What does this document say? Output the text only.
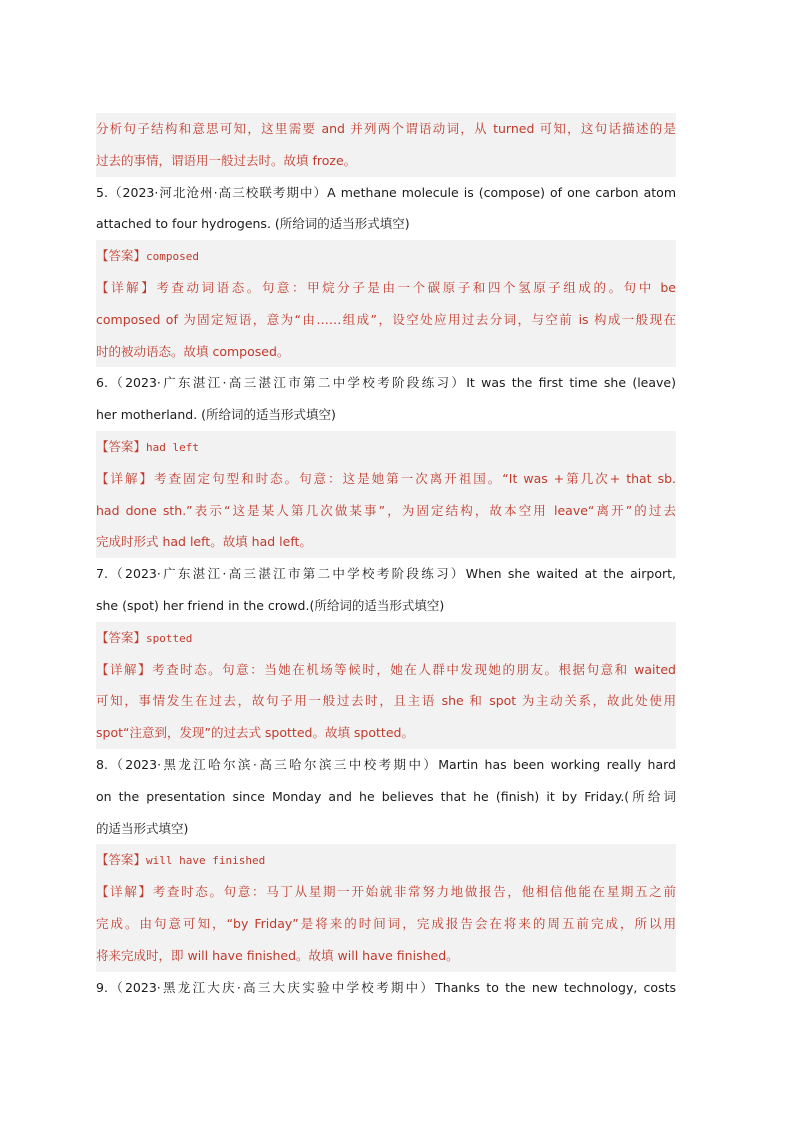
分析句子结构和意思可知，这里需要 and 并列两个谓语动词，从 turned 可知，这句话描述的是
过去的事情，谓语用一般过去时。故填 froze。
5.（2023·河北沧州·高三校联考期中）A methane molecule is (compose) of one carbon atom
attached to four hydrogens. (所给词的适当形式填空)
【答案】composed
【详解】考查动词语态。句意：甲烷分子是由一个碳原子和四个氢原子组成的。句中 be
composed of 为固定短语，意为“由……组成”，设空处应用过去分词，与空前 is 构成一般现在
时的被动语态。故填 composed。
6.（2023·广东湛江·高三湛江市第二中学校考阶段练习）It was the first time she (leave)
her motherland. (所给词的适当形式填空)
【答案】had left
【详解】考查固定句型和时态。句意：这是她第一次离开祖国。“It was +第几次+ that sb.
had done sth.”表示“这是某人第几次做某事”，为固定结构，故本空用 leave“离开”的过去
完成时形式 had left。故填 had left。
7.（2023·广东湛江·高三湛江市第二中学校考阶段练习）When she waited at the airport,
she (spot) her friend in the crowd.(所给词的适当形式填空)
【答案】spotted
【详解】考查时态。句意：当她在机场等候时，她在人群中发现她的朋友。根据句意和 waited
可知，事情发生在过去，故句子用一般过去时，且主语 she 和 spot 为主动关系，故此处使用
spot“注意到，发现”的过去式 spotted。故填 spotted。
8.（2023·黑龙江哈尔滨·高三哈尔滨三中校考期中）Martin has been working really hard
on the presentation since Monday and he believes that he (finish) it by Friday.(所给词
的适当形式填空)
【答案】will have finished
【详解】考查时态。句意：马丁从星期一开始就非常努力地做报告，他相信他能在星期五之前
完成。由句意可知，“by Friday”是将来的时间词，完成报告会在将来的周五前完成，所以用
将来完成时，即 will have finished。故填 will have finished。
9.（2023·黑龙江大庆·高三大庆实验中学校考期中）Thanks to the new technology, costs
